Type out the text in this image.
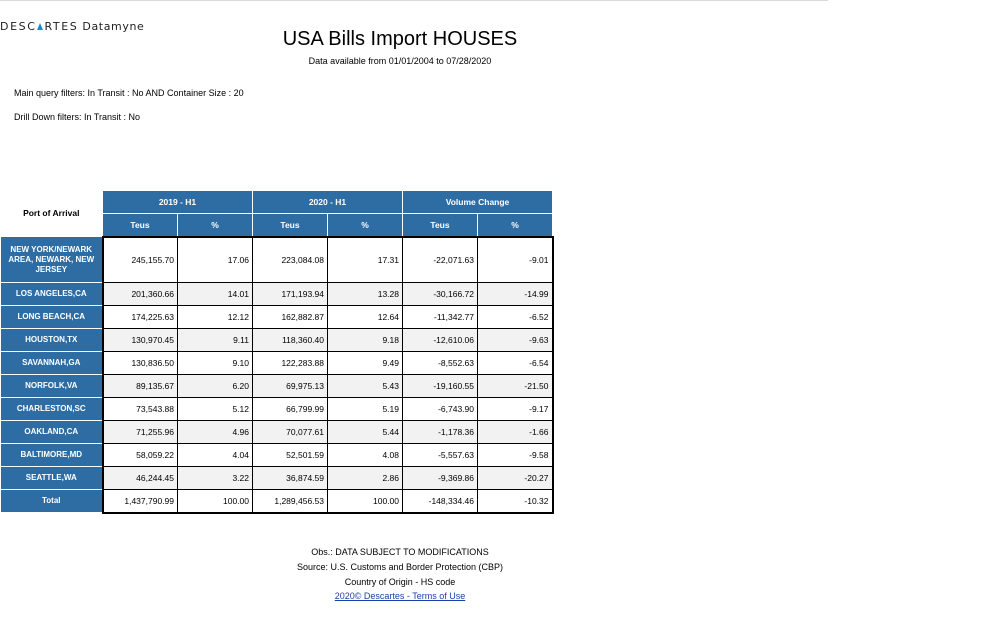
DESC RTES Datamyne
USA Bills Import HOUSES
Data available from 01/01/2004 to 07/28/2020
Main query filters: In Transit : No AND Container Size : 20
Drill Down filters: In Transit : No
Port of Arrival	2019 - H1		2020 - H1		Volume Change	
	Teus	%	Teus	%	Teus	%
NEW YORK/NEWARK AREA, NEWARK, NEW JERSEY	245,155.70	17.06	223,084.08	17.31	-22,071.63	-9.01
LOS ANGELES,CA	201,360.66	14.01	171,193.94	13.28	-30,166.72	-14.99
LONG BEACH,CA	174,225.63	12.12	162,882.87	12.64	-11,342.77	-6.52
HOUSTON,TX	130,970.45	9.11	118,360.40	9.18	-12,610.06	-9.63
SAVANNAH,GA	130,836.50	9.10	122,283.88	9.49	-8,552.63	-6.54
NORFOLK,VA	89,135.67	6.20	69,975.13	5.43	-19,160.55	-21.50
CHARLESTON,SC	73,543.88	5.12	66,799.99	5.19	-6,743.90	-9.17
OAKLAND,CA	71,255.96	4.96	70,077.61	5.44	-1,178.36	-1.66
BALTIMORE,MD	58,059.22	4.04	52,501.59	4.08	-5,557.63	-9.58
SEATTLE,WA	46,244.45	3.22	36,874.59	2.86	-9,369.86	-20.27
Total	1,437,790.99	100.00	1,289,456.53	100.00	-148,334.46	-10.32
Obs.: DATA SUBJECT TO MODIFICATIONS
Source: U.S. Customs and Border Protection (CBP)
Country of Origin - HS code
2020© Descartes - Terms of Use
